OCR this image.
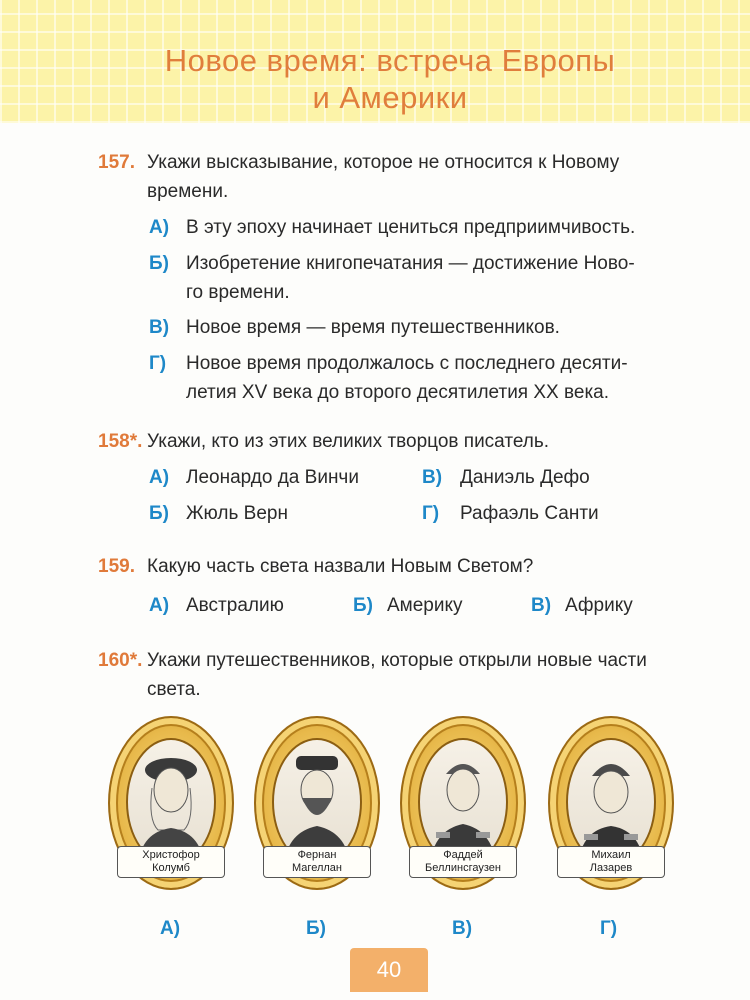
Новое время: встреча Европы
и Америки
157. Укажи высказывание, которое не относится к Новому
времени.
А) В эту эпоху начинает цениться предприимчивость.
Б) Изобретение книгопечатания — достижение Ново-
го времени.
В) Новое время — время путешественников.
Г) Новое время продолжалось с последнего десяти-
летия XV века до второго десятилетия XX века.
158*. Укажи, кто из этих великих творцов писатель.
А) Леонардо да Винчи	В) Даниэль Дефо
Б) Жюль Верн	Г) Рафаэль Санти
159. Какую часть света назвали Новым Светом?
А) Австралию	Б) Америку	В) Африку
160*. Укажи путешественников, которые открыли новые части
света.
Христофор
Колумб
Фернан
Магеллан
Фаддей
Беллинсгаузен
Михаил
Лазарев
А)	Б)	В)	Г)
40
